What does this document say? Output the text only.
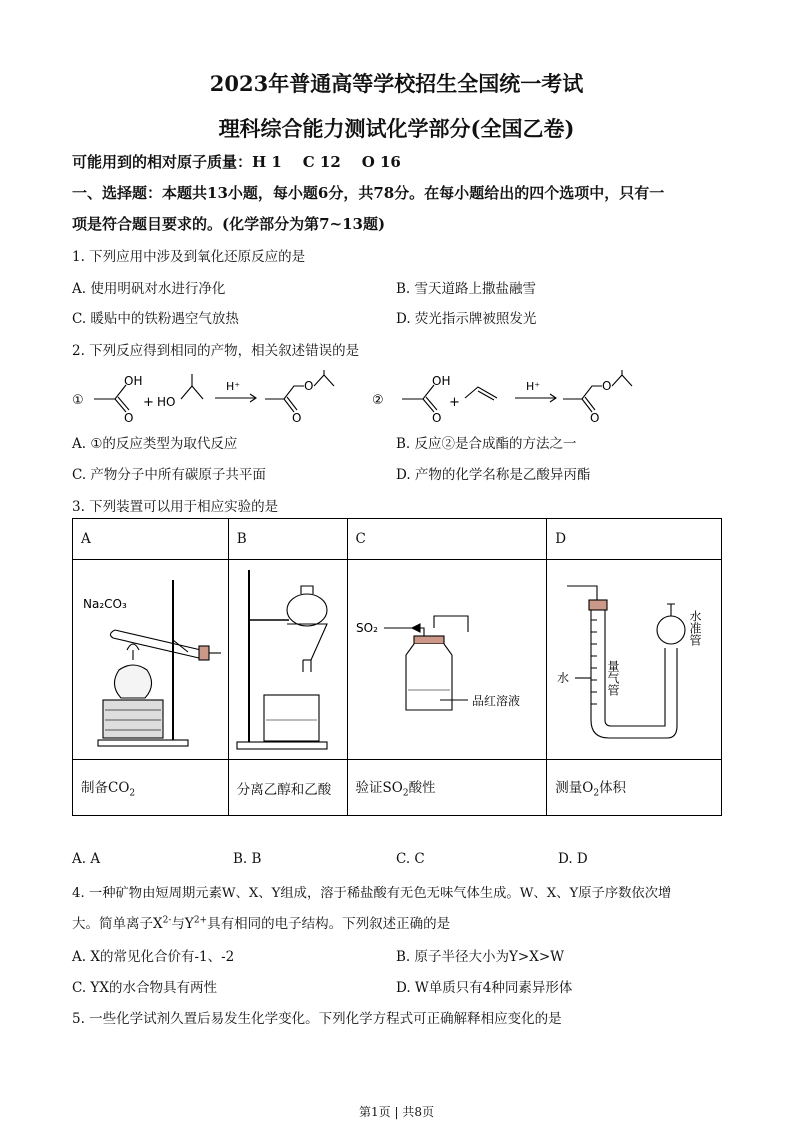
2023年普通高等学校招生全国统一考试
理科综合能力测试化学部分(全国乙卷)
可能用到的相对原子质量：H 1 C 12 O 16
一、选择题：本题共13小题，每小题6分，共78分。在每小题给出的四个选项中，只有一
项是符合题目要求的。(化学部分为第7~13题)
1. 下列应用中涉及到氧化还原反应的是
A. 使用明矾对水进行净化	B. 雪天道路上撒盐融雪
C. 暖贴中的铁粉遇空气放热	D. 荧光指示牌被照发光
2. 下列反应得到相同的产物，相关叙述错误的是
①
OH
O
+ HO
H⁺	O
O
②
OH
O
+
H⁺	O
O
A. ①的反应类型为取代反应	B. 反应②是合成酯的方法之一
C. 产物分子中所有碳原子共平面	D. 产物的化学名称是乙酸异丙酯
3. 下列装置可以用于相应实验的是
A	B	C	D

Na₂CO₃		SO₂
品红溶液	水 量气管
水准管

制备$CO_2$	分离乙醇和乙酸	验证$SO_2$酸性	测量$O_2$体积
A. A	B. B	C. C	D. D
4. 一种矿物由短周期元素W、X、Y组成，溶于稀盐酸有无色无味气体生成。W、X、Y原子序数依次增
大。简单离子$X^{2-}$与$Y^{2+}$具有相同的电子结构。下列叙述正确的是
A. X的常见化合价有-1、-2	B. 原子半径大小为Y>X>W
C. YX的水合物具有两性	D. W单质只有4种同素异形体
5. 一些化学试剂久置后易发生化学变化。下列化学方程式可正确解释相应变化的是
第1页 | 共8页
